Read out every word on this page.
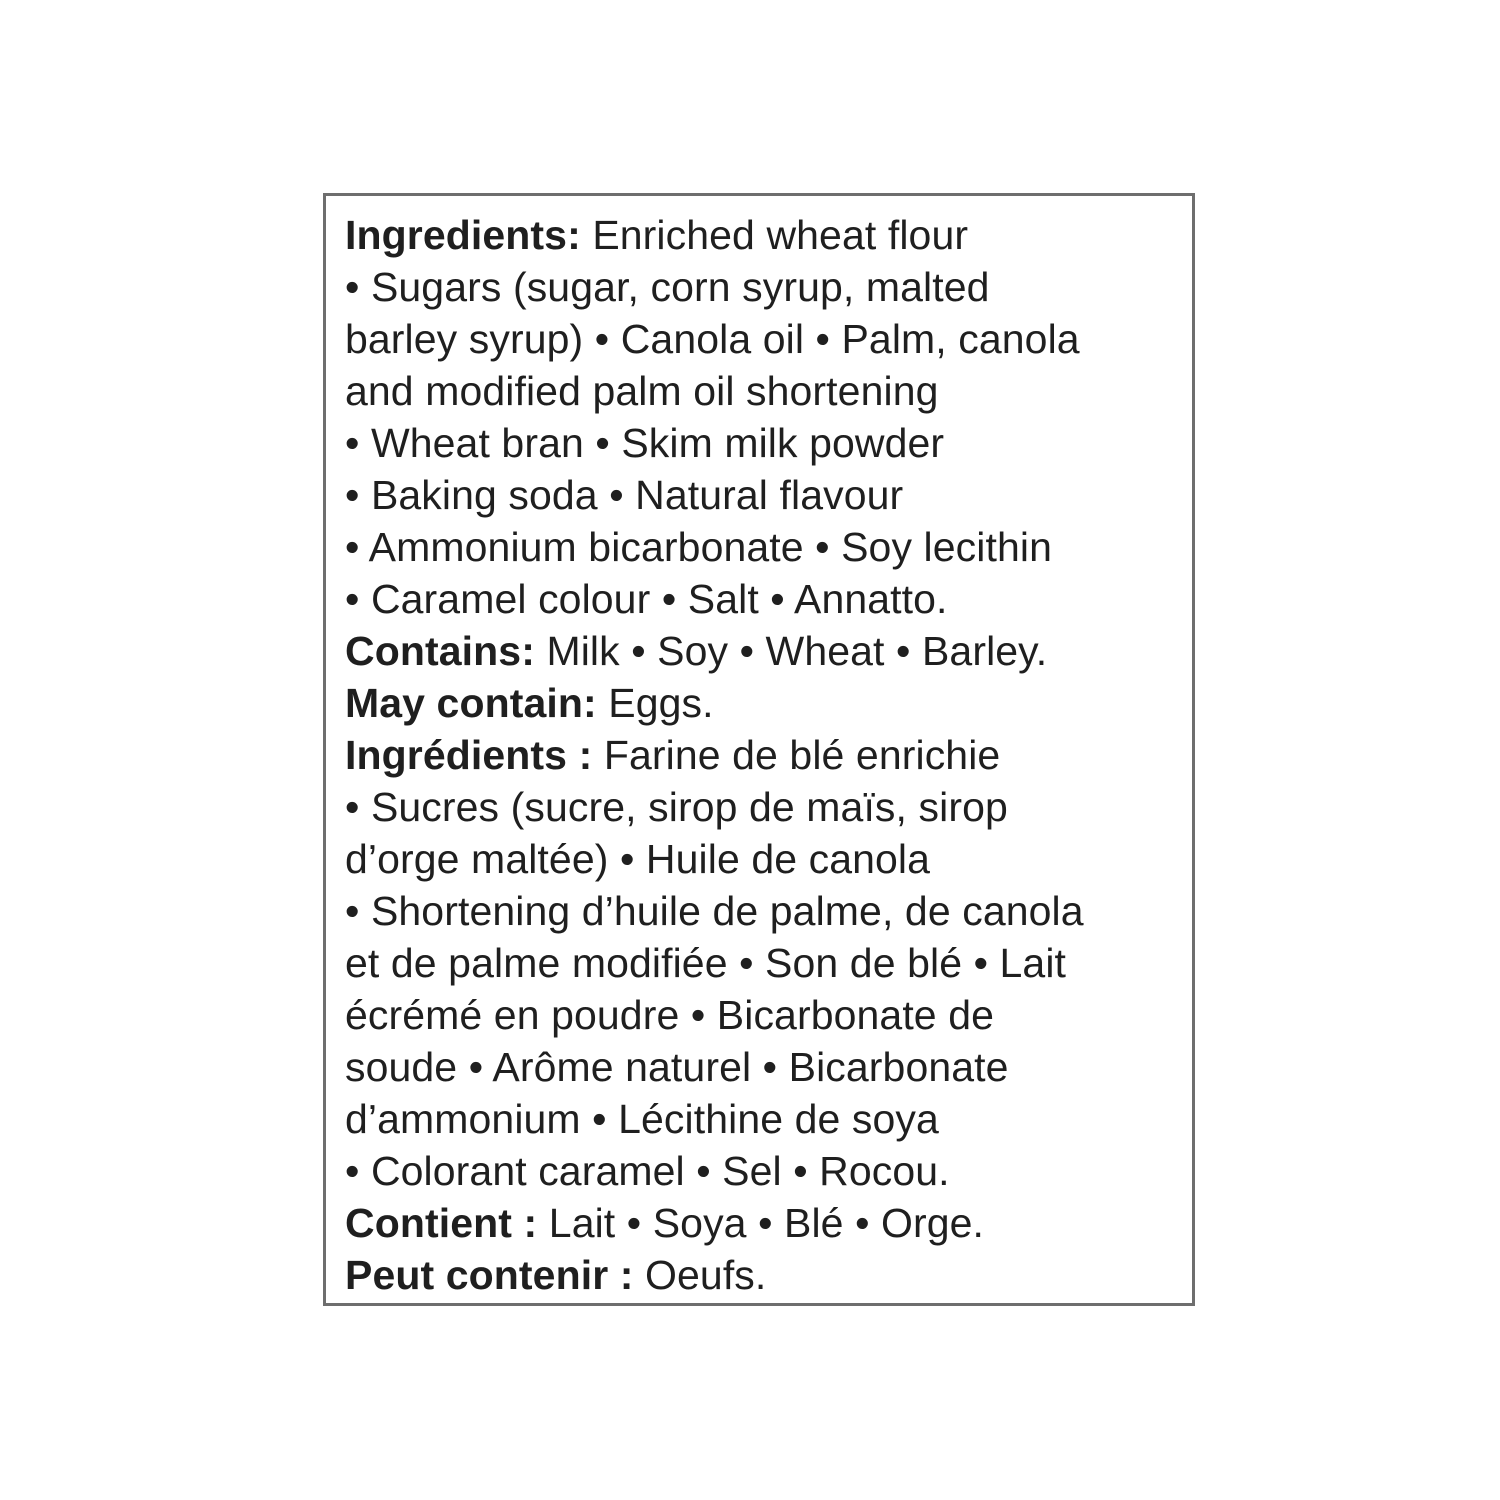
Ingredients: Enriched wheat flour
• Sugars (sugar, corn syrup, malted
barley syrup) • Canola oil • Palm, canola
and modified palm oil shortening
• Wheat bran • Skim milk powder
• Baking soda • Natural flavour
• Ammonium bicarbonate • Soy lecithin
• Caramel colour • Salt • Annatto.
Contains: Milk • Soy • Wheat • Barley.
May contain: Eggs.
Ingrédients : Farine de blé enrichie
• Sucres (sucre, sirop de maïs, sirop
d’orge maltée) • Huile de canola
• Shortening d’huile de palme, de canola
et de palme modifiée • Son de blé • Lait
écrémé en poudre • Bicarbonate de
soude • Arôme naturel • Bicarbonate
d’ammonium • Lécithine de soya
• Colorant caramel • Sel • Rocou.
Contient : Lait • Soya • Blé • Orge.
Peut contenir : Oeufs.
